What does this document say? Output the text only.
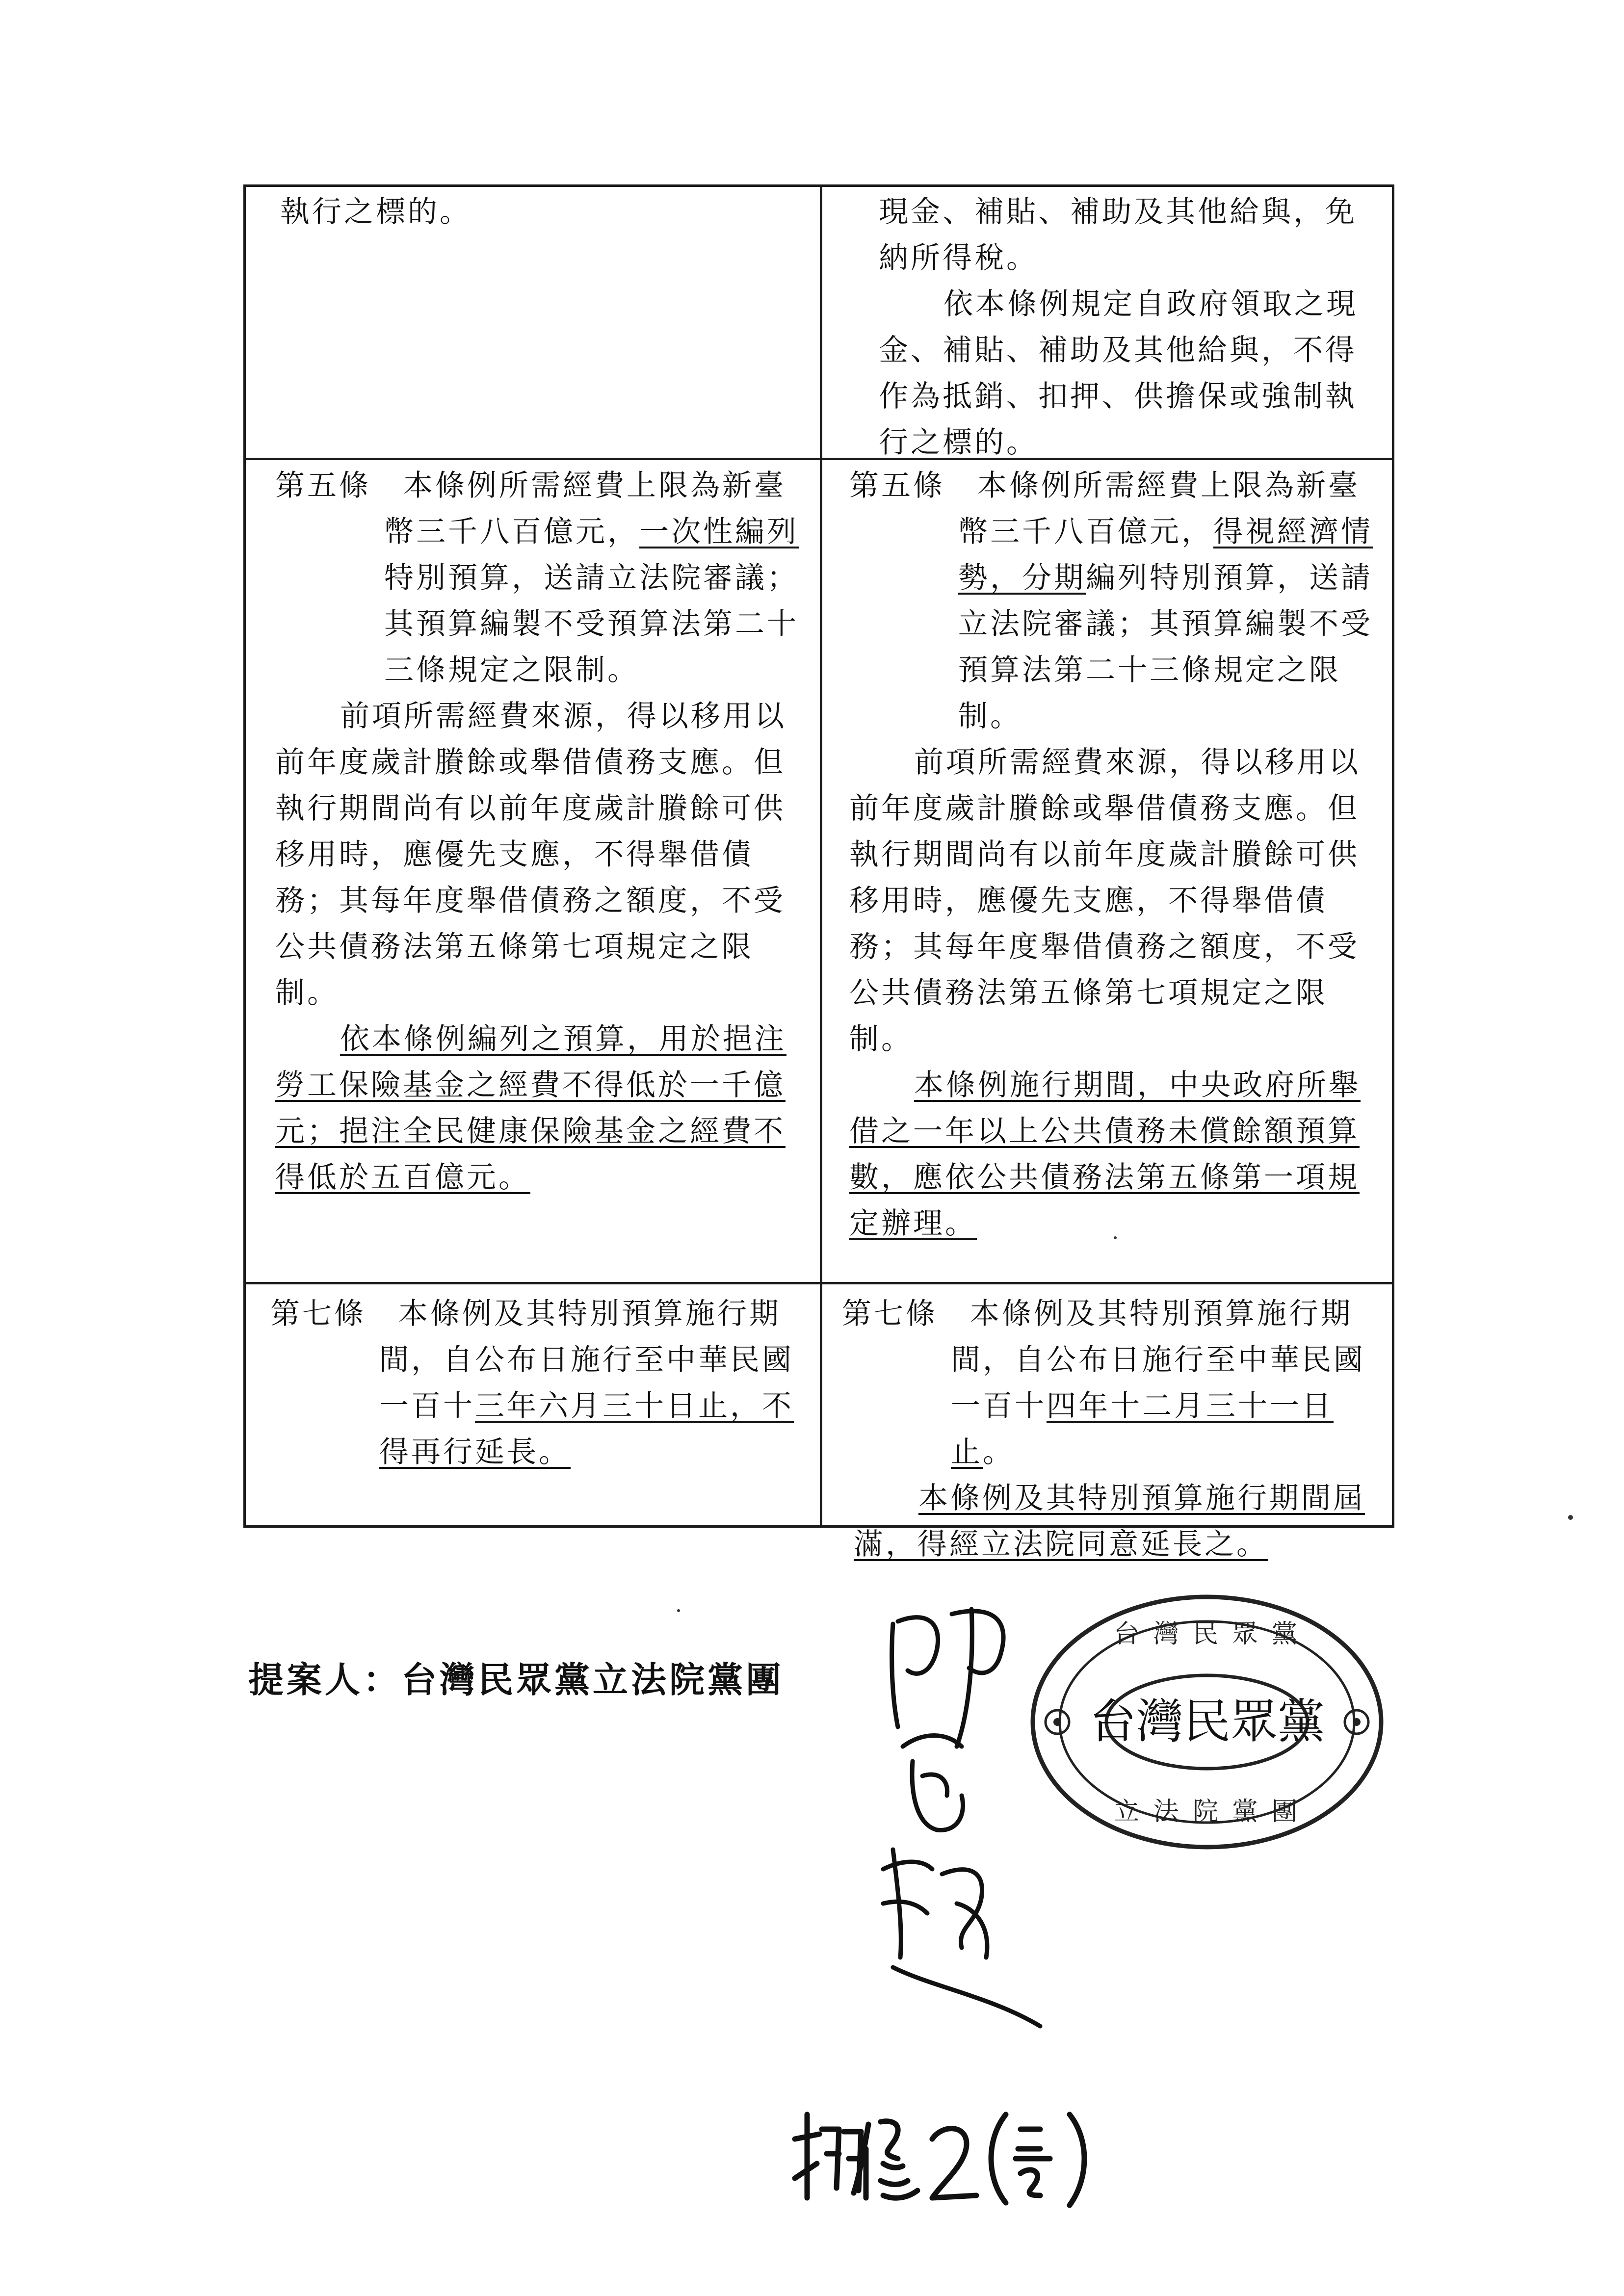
執行之標的。	現金、補貼、補助及其他給與，免納所得稅。

依本條例規定自政府領取之現金、補貼、補助及其他給與，不得作為抵銷、扣押、供擔保或強制執行之標的。

第五條 本條例所需經費上限為新臺幣三千八百億元，一次性編列特別預算，送請立法院審議；其預算編製不受預算法第二十三條規定之限制。

前項所需經費來源，得以移用以前年度歲計賸餘或舉借債務支應。但執行期間尚有以前年度歲計賸餘可供移用時，應優先支應，不得舉借債務；其每年度舉借債務之額度，不受公共債務法第五條第七項規定之限制。

依本條例編列之預算，用於挹注勞工保險基金之經費不得低於一千億元；挹注全民健康保險基金之經費不得低於五百億元。

第五條 本條例所需經費上限為新臺幣三千八百億元，得視經濟情勢，分期編列特別預算，送請立法院審議；其預算編製不受預算法第二十三條規定之限制。

前項所需經費來源，得以移用以前年度歲計賸餘或舉借債務支應。但執行期間尚有以前年度歲計賸餘可供移用時，應優先支應，不得舉借債務；其每年度舉借債務之額度，不受公共債務法第五條第七項規定之限制。

本條例施行期間，中央政府所舉借之一年以上公共債務未償餘額預算數，應依公共債務法第五條第一項規定辦理。

第七條 本條例及其特別預算施行期間，自公布日施行至中華民國一百十三年六月三十日止，不得再行延長。

第七條 本條例及其特別預算施行期間，自公布日施行至中華民國一百十四年十二月三十一日止。

本條例及其特別預算施行期間屆滿，得經立法院同意延長之。

提案人：台灣民眾黨立法院黨團
台灣民眾黨
台 灣 民 眾 黨
立 法 院 黨 團
